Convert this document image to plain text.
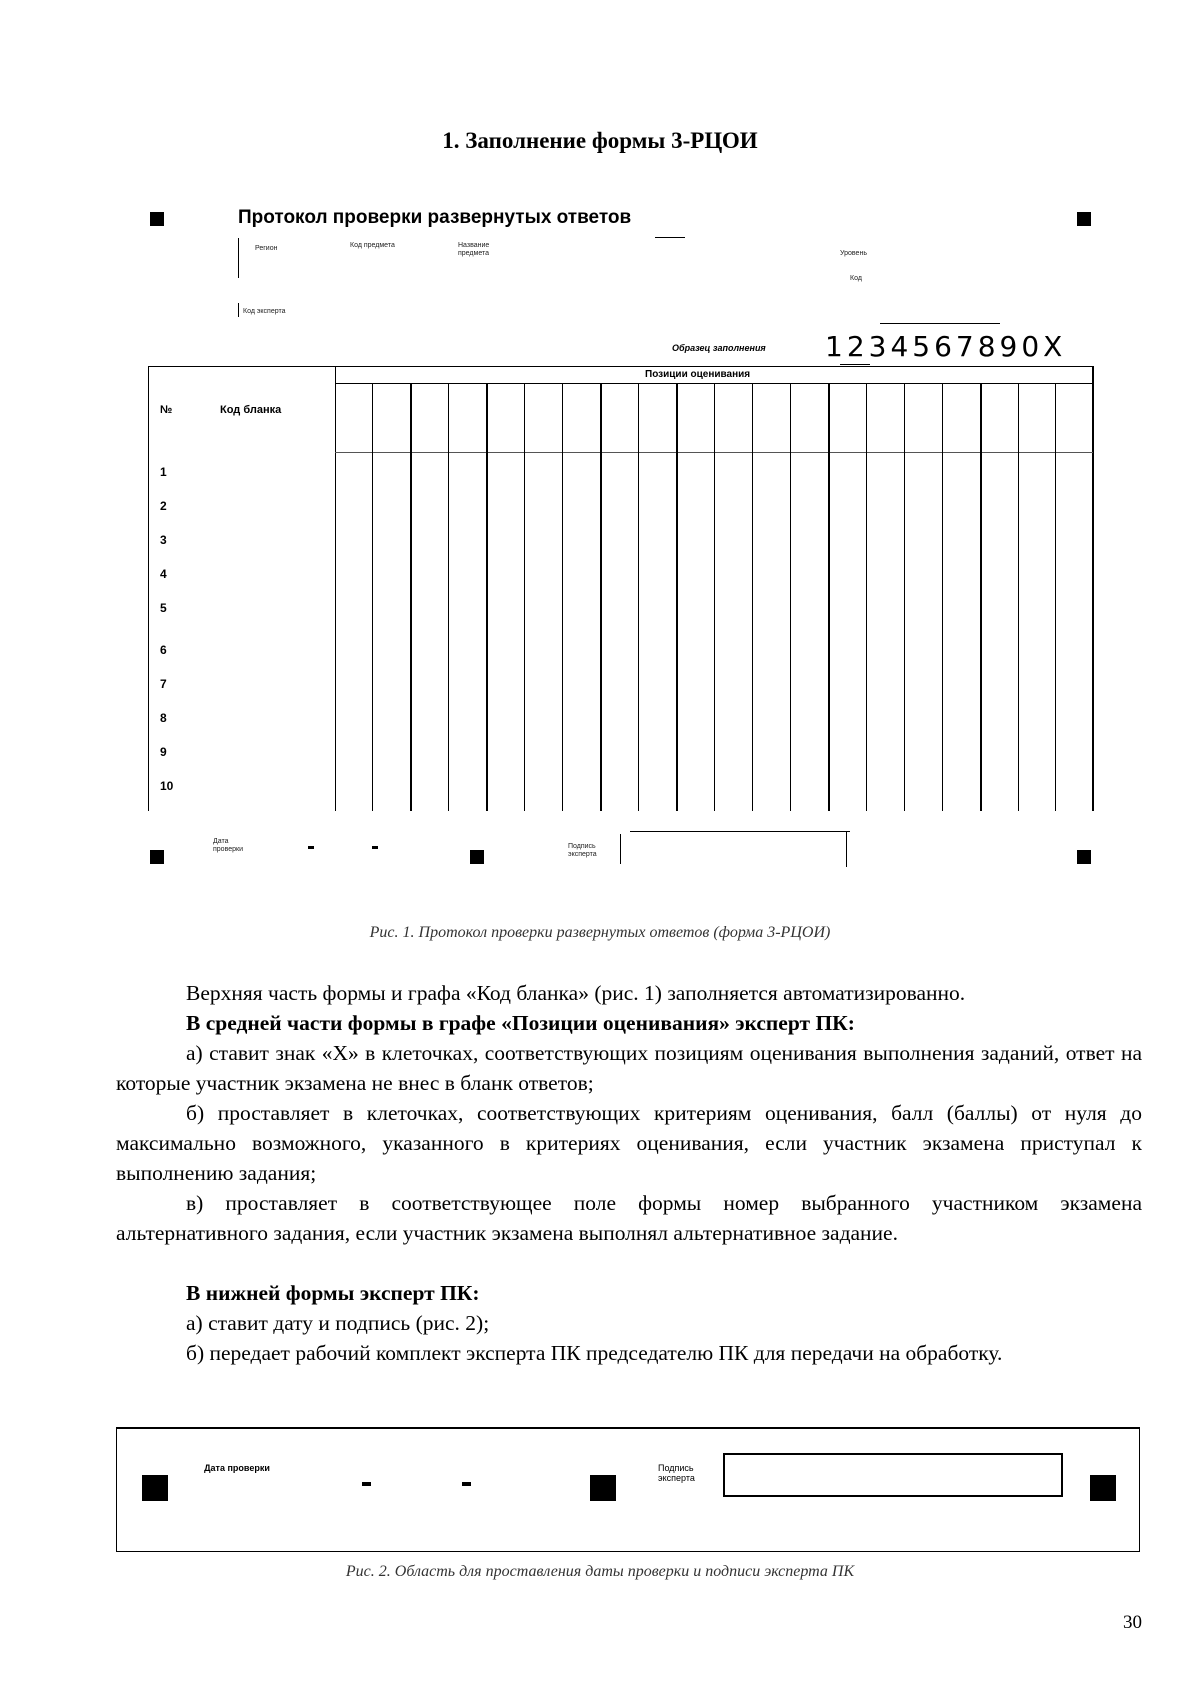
1. Заполнение формы 3-РЦОИ
Протокол проверки развернутых ответов
Регион	Код предмета	Название предмета	Уровень
Код
Код эксперта
Образец заполнения 1234567890X
Позиции оценивания
№	Код бланка
1
2
3
4
5
6
7
8
9
10
Дата проверки	Подпись эксперта
Рис. 1. Протокол проверки развернутых ответов (форма 3-РЦОИ)
Верхняя часть формы и графа «Код бланка» (рис. 1) заполняется автоматизированно.
В средней части формы в графе «Позиции оценивания» эксперт ПК:
а) ставит знак «X» в клеточках, соответствующих позициям оценивания выполнения заданий, ответ на которые участник экзамена не внес в бланк ответов;
б) проставляет в клеточках, соответствующих критериям оценивания, балл (баллы) от нуля до максимально возможного, указанного в критериях оценивания, если участник экзамена приступал к выполнению задания;
в) проставляет в соответствующее поле формы номер выбранного участником экзамена альтернативного задания, если участник экзамена выполнял альтернативное задание.
В нижней формы эксперт ПК:
а) ставит дату и подпись (рис. 2);
б) передает рабочий комплект эксперта ПК председателю ПК для передачи на обработку.
Дата проверки	Подпись эксперта
Рис. 2. Область для проставления даты проверки и подписи эксперта ПК
30
